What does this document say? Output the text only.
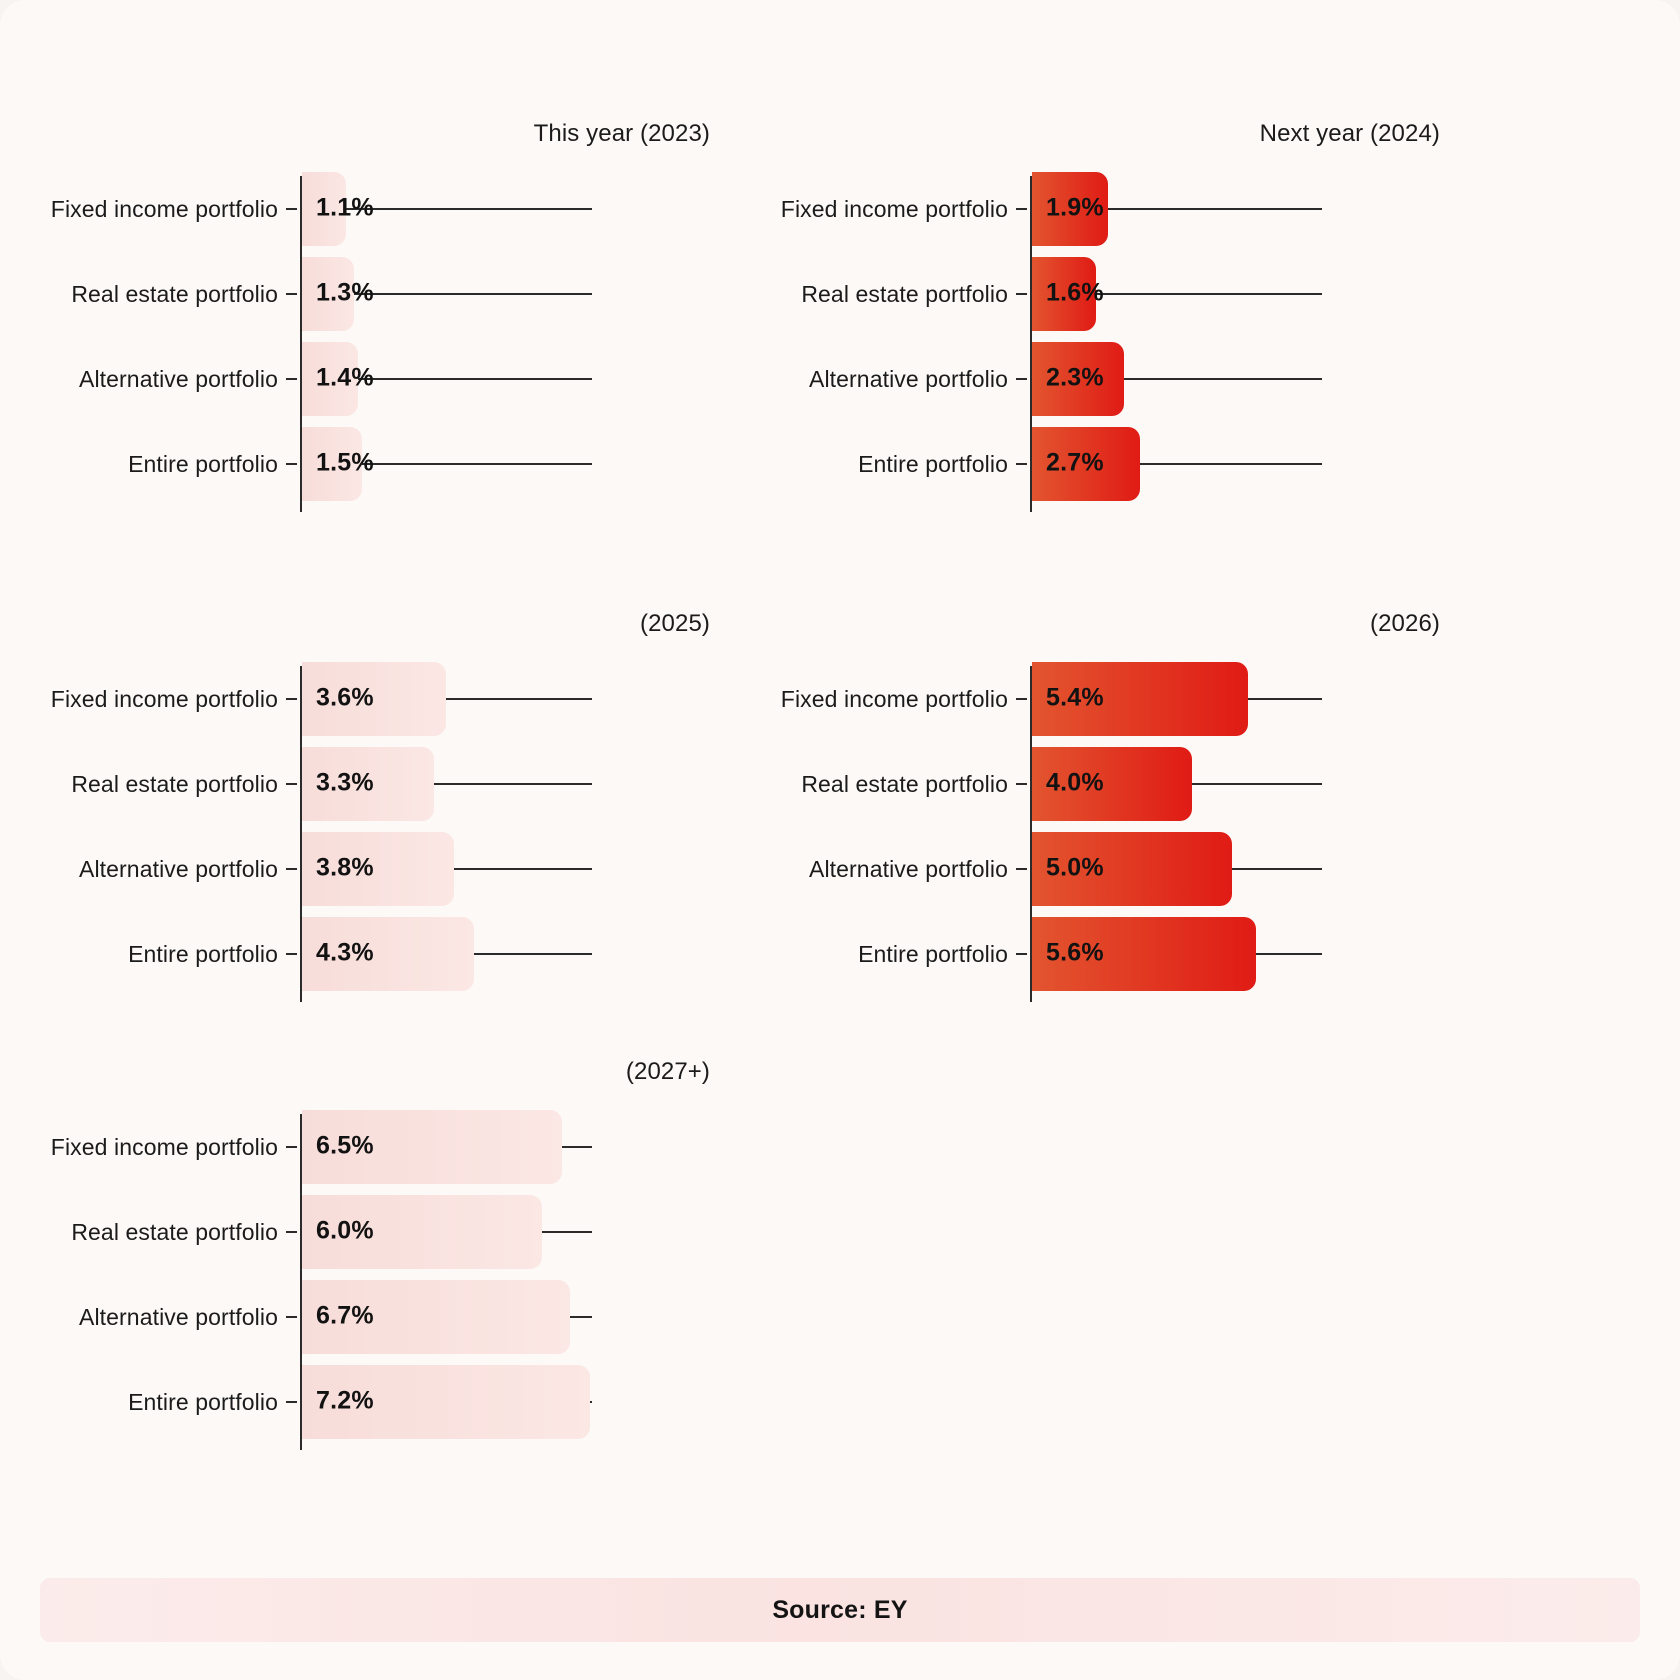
This year (2023)
Fixed income portfolio 1.1%
Real estate portfolio 1.3%
Alternative portfolio 1.4%
Entire portfolio 1.5%
Next year (2024)
Fixed income portfolio 1.9%
Real estate portfolio 1.6%
Alternative portfolio 2.3%
Entire portfolio 2.7%
(2025)
Fixed income portfolio 3.6%
Real estate portfolio 3.3%
Alternative portfolio 3.8%
Entire portfolio 4.3%
(2026)
Fixed income portfolio 5.4%
Real estate portfolio 4.0%
Alternative portfolio 5.0%
Entire portfolio 5.6%
(2027+)
Fixed income portfolio 6.5%
Real estate portfolio 6.0%
Alternative portfolio 6.7%
Entire portfolio 7.2%
Source: EY
